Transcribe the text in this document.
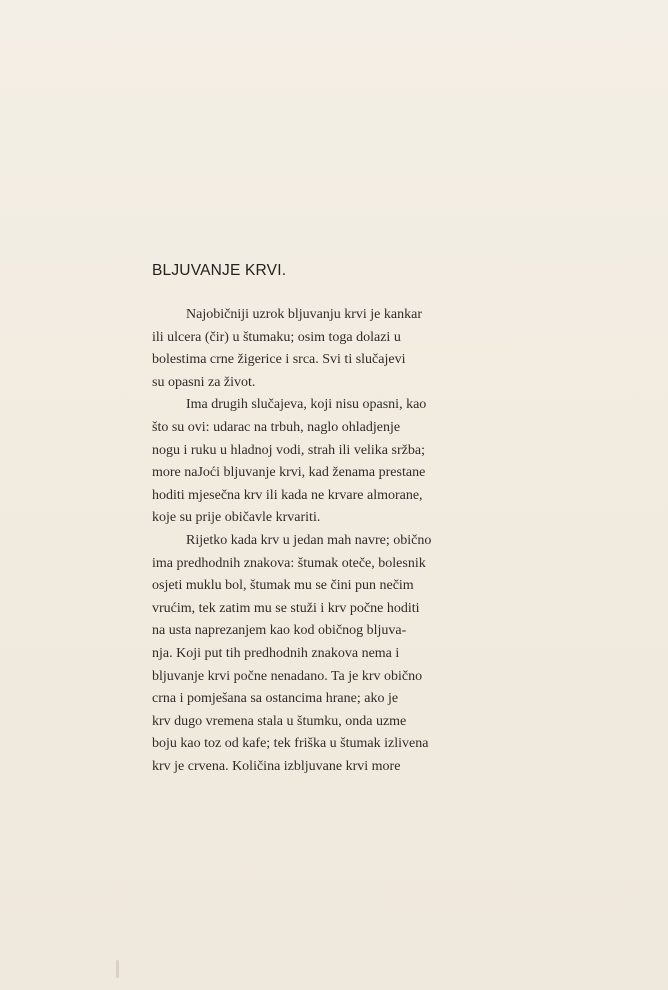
BLJUVANJE KRVI.

Najobičniji uzrok bljuvanju krvi je kankar
ili ulcera (čir) u štumaku; osim toga dolazi u
bolestima crne žigerice i srca. Svi ti slučajevi
su opasni za život.

Ima drugih slučajeva, koji nisu opasni, kao
što su ovi: udarac na trbuh, naglo ohladjenje
nogu i ruku u hladnoj vodi, strah ili velika sržba;
more naJoći bljuvanje krvi, kad ženama prestane
hoditi mjesečna krv ili kada ne krvare almorane,
koje su prije običavle krvariti.

Rijetko kada krv u jedan mah navre; obično
ima predhodnih znakova: štumak oteče, bolesnik
osjeti muklu bol, štumak mu se čini pun nečim
vrućim, tek zatim mu se stuži i krv počne hoditi
na usta naprezanjem kao kod običnog bljuva-
nja. Koji put tih predhodnih znakova nema i
bljuvanje krvi počne nenadano. Ta je krv obično
crna i pomješana sa ostancima hrane; ako je
krv dugo vremena stala u štumku, onda uzme
boju kao toz od kafe; tek friška u štumak izlivena
krv je crvena. Količina izbljuvane krvi more
